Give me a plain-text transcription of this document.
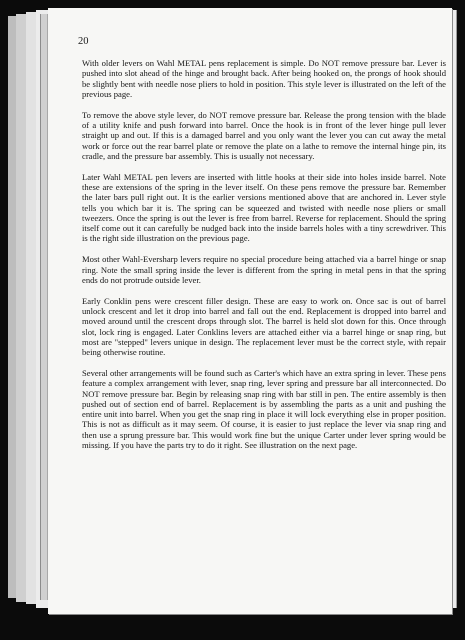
20

With older levers on Wahl METAL pens replacement is simple. Do NOT remove pressure bar. Lever is pushed into slot ahead of the hinge and brought back. After being hooked on, the prongs of hook should be slightly bent with needle nose pliers to hold in position. This style lever is illustrated on the left of the previous page.

To remove the above style lever, do NOT remove pressure bar. Release the prong tension with the blade of a utility knife and push forward into barrel. Once the hook is in front of the lever hinge pull lever straight up and out. If this is a damaged barrel and you only want the lever you can cut away the metal work or force out the rear barrel plate or remove the plate on a lathe to remove the internal hinge pin, its cradle, and the pressure bar assembly. This is usually not necessary.

Later Wahl METAL pen levers are inserted with little hooks at their side into holes inside barrel. Note these are extensions of the spring in the lever itself. On these pens remove the pressure bar. Remember the later bars pull right out. It is the earlier versions mentioned above that are anchored in. Lever style tells you which bar it is. The spring can be squeezed and twisted with needle nose pliers or small tweezers. Once the spring is out the lever is free from barrel. Reverse for replacement. Should the spring itself come out it can carefully be nudged back into the inside barrels holes with a tiny screwdriver. This is the right side illustration on the previous page.

Most other Wahl-Eversharp levers require no special procedure being attached via a barrel hinge or snap ring. Note the small spring inside the lever is different from the spring in metal pens in that the spring ends do not protrude outside lever.

Early Conklin pens were crescent filler design. These are easy to work on. Once sac is out of barrel unlock crescent and let it drop into barrel and fall out the end. Replacement is dropped into barrel and moved around until the crescent drops through slot. The barrel is held slot down for this. Once through slot, lock ring is engaged. Later Conklins levers are attached either via a barrel hinge or snap ring, but most are "stepped" levers unique in design. The replacement lever must be the correct style, with repair being otherwise routine.

Several other arrangements will be found such as Carter's which have an extra spring in lever. These pens feature a complex arrangement with lever, snap ring, lever spring and pressure bar all interconnected. Do NOT remove pressure bar. Begin by releasing snap ring with bar still in pen. The entire assembly is then pushed out of section end of barrel. Replacement is by assembling the parts as a unit and pushing the entire unit into barrel. When you get the snap ring in place it will lock everything else in proper position. This is not as difficult as it may seem. Of course, it is easier to just replace the lever via snap ring and then use a sprung pressure bar. This would work fine but the unique Carter under lever spring would be missing. If you have the parts try to do it right. See illustration on the next page.
